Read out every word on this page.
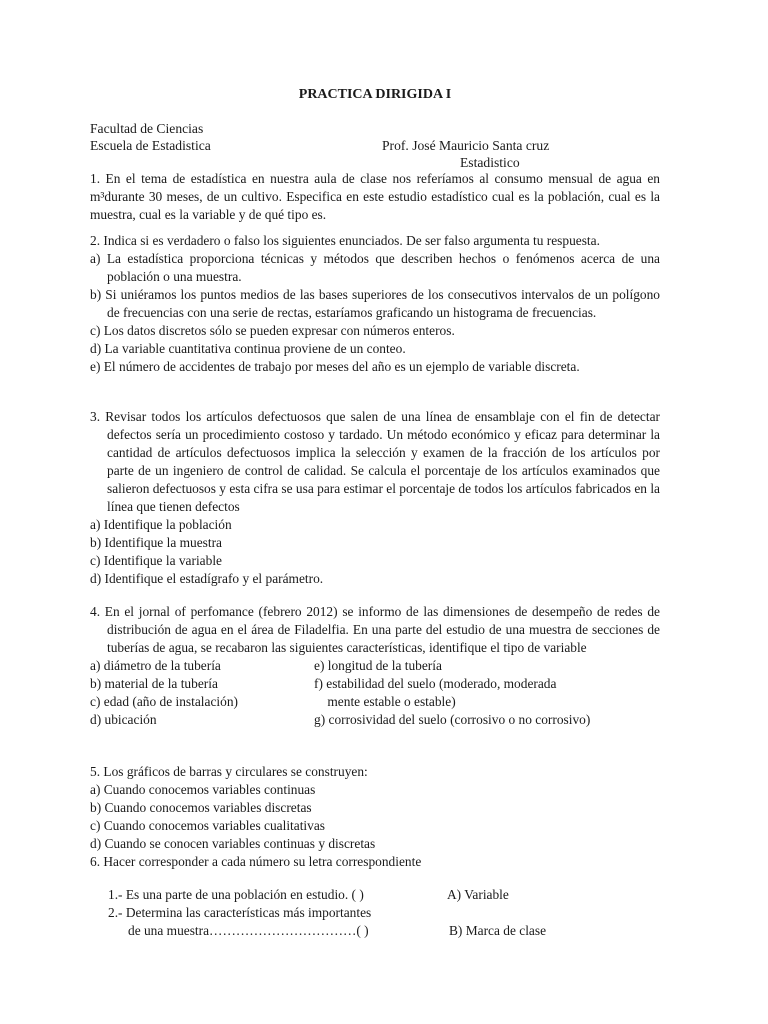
PRACTICA DIRIGIDA I
Facultad de Ciencias
Escuela de Estadistica	Prof. José Mauricio Santa cruz
Estadistico
1. En el tema de estadística en nuestra aula de clase nos referíamos al consumo mensual de agua en m³durante 30 meses, de un cultivo. Especifica en este estudio estadístico cual es la población, cual es la muestra, cual es la variable y de qué tipo es.
2. Indica si es verdadero o falso los siguientes enunciados. De ser falso argumenta tu respuesta.
a) La estadística proporciona técnicas y métodos que describen hechos o fenómenos acerca de una población o una muestra.
b) Si uniéramos los puntos medios de las bases superiores de los consecutivos intervalos de un polígono de frecuencias con una serie de rectas, estaríamos graficando un histograma de frecuencias.
c) Los datos discretos sólo se pueden expresar con números enteros.
d) La variable cuantitativa continua proviene de un conteo.
e) El número de accidentes de trabajo por meses del año es un ejemplo de variable discreta.
3. Revisar todos los artículos defectuosos que salen de una línea de ensamblaje con el fin de detectar defectos sería un procedimiento costoso y tardado. Un método económico y eficaz para determinar la cantidad de artículos defectuosos implica la selección y examen de la fracción de los artículos por parte de un ingeniero de control de calidad. Se calcula el porcentaje de los artículos examinados que salieron defectuosos y esta cifra se usa para estimar el porcentaje de todos los artículos fabricados en la línea que tienen defectos
a) Identifique la población
b) Identifique la muestra
c) Identifique la variable
d) Identifique el estadígrafo y el parámetro.
4. En el jornal of perfomance (febrero 2012) se informo de las dimensiones de desempeño de redes de distribución de agua en el área de Filadelfia. En una parte del estudio de una muestra de secciones de tuberías de agua, se recabaron las siguientes características, identifique el tipo de variable
a) diámetro de la tubería	e) longitud de la tubería
b) material de la tubería	f) estabilidad del suelo (moderado, moderada
c) edad (año de instalación)	mente estable o estable)
d) ubicación	g) corrosividad del suelo (corrosivo o no corrosivo)
5. Los gráficos de barras y circulares se construyen:
a) Cuando conocemos variables continuas
b) Cuando conocemos variables discretas
c) Cuando conocemos variables cualitativas
d) Cuando se conocen variables continuas y discretas
6. Hacer corresponder a cada número su letra correspondiente
1.- Es una parte de una población en estudio. ( )	A) Variable
2.- Determina las características más importantes
de una muestra……………………………( )	B) Marca de clase
